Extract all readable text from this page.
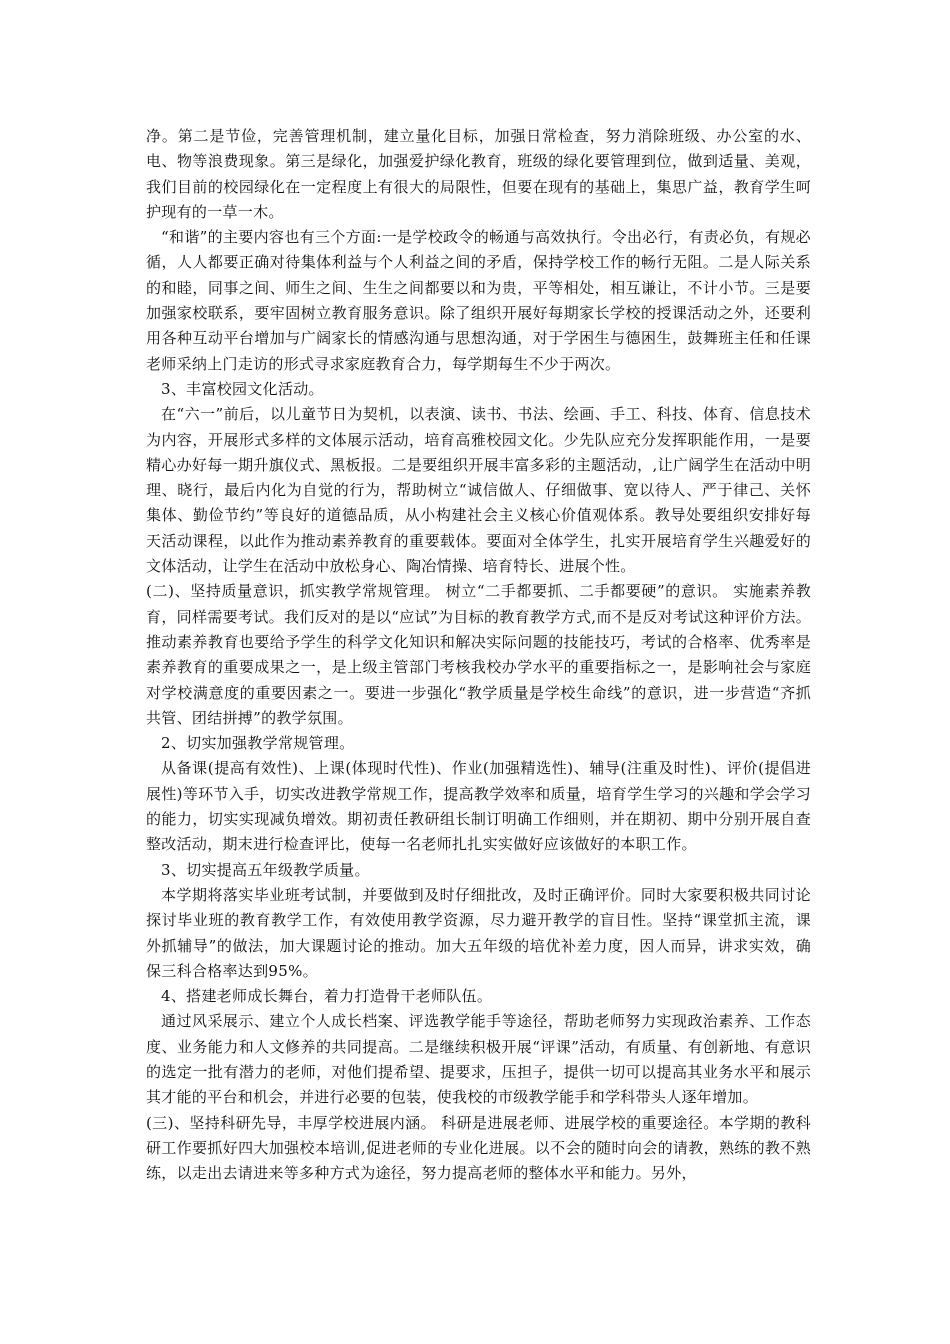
净。第二是节俭，完善管理机制，建立量化目标，加强日常检查，努力消除班级、办公室的水、电、物等浪费现象。第三是绿化，加强爱护绿化教育，班级的绿化要管理到位，做到适量、美观，我们目前的校园绿化在一定程度上有很大的局限性，但要在现有的基础上，集思广益，教育学生呵护现有的一草一木。

“和谐”的主要内容也有三个方面:一是学校政令的畅通与高效执行。令出必行，有责必负，有规必循，人人都要正确对待集体利益与个人利益之间的矛盾，保持学校工作的畅行无阻。二是人际关系的和睦，同事之间、师生之间、生生之间都要以和为贵，平等相处，相互谦让，不计小节。三是要加强家校联系，要牢固树立教育服务意识。除了组织开展好每期家长学校的授课活动之外，还要利用各种互动平台增加与广阔家长的情感沟通与思想沟通，对于学困生与德困生，鼓舞班主任和任课老师采纳上门走访的形式寻求家庭教育合力，每学期每生不少于两次。

3、丰富校园文化活动。

在“六一”前后，以儿童节日为契机，以表演、读书、书法、绘画、手工、科技、体育、信息技术为内容，开展形式多样的文体展示活动，培育高雅校园文化。少先队应充分发挥职能作用，一是要精心办好每一期升旗仪式、黑板报。二是要组织开展丰富多彩的主题活动，,让广阔学生在活动中明理、晓行，最后内化为自觉的行为，帮助树立“诚信做人、仔细做事、宽以待人、严于律己、关怀集体、勤俭节约”等良好的道德品质，从小构建社会主义核心价值观体系。教导处要组织安排好每天活动课程，以此作为推动素养教育的重要载体。要面对全体学生，扎实开展培育学生兴趣爱好的文体活动，让学生在活动中放松身心、陶冶情操、培育特长、进展个性。

(二)、坚持质量意识，抓实教学常规管理。 树立“二手都要抓、二手都要硬”的意识。 实施素养教育，同样需要考试。我们反对的是以“应试”为目标的教育教学方式,而不是反对考试这种评价方法。推动素养教育也要给予学生的科学文化知识和解决实际问题的技能技巧，考试的合格率、优秀率是素养教育的重要成果之一，是上级主管部门考核我校办学水平的重要指标之一，是影响社会与家庭对学校满意度的重要因素之一。要进一步强化“教学质量是学校生命线”的意识，进一步营造“齐抓共管、团结拼搏”的教学氛围。

2、切实加强教学常规管理。

从备课(提高有效性)、上课(体现时代性)、作业(加强精选性)、辅导(注重及时性)、评价(提倡进展性)等环节入手，切实改进教学常规工作，提高教学效率和质量，培育学生学习的兴趣和学会学习的能力，切实实现减负增效。期初责任教研组长制订明确工作细则，并在期初、期中分别开展自查整改活动，期末进行检查评比，使每一名老师扎扎实实做好应该做好的本职工作。

3、切实提高五年级教学质量。

本学期将落实毕业班考试制，并要做到及时仔细批改，及时正确评价。同时大家要积极共同讨论探讨毕业班的教育教学工作，有效使用教学资源，尽力避开教学的盲目性。坚持“课堂抓主流，课外抓辅导”的做法，加大课题讨论的推动。加大五年级的培优补差力度，因人而异，讲求实效，确保三科合格率达到95%。

4、搭建老师成长舞台，着力打造骨干老师队伍。

通过风采展示、建立个人成长档案、评选教学能手等途径，帮助老师努力实现政治素养、工作态度、业务能力和人文修养的共同提高。二是继续积极开展“评课”活动，有质量、有创新地、有意识的选定一批有潜力的老师，对他们提希望、提要求，压担子，提供一切可以提高其业务水平和展示其才能的平台和机会，并进行必要的包装，使我校的市级教学能手和学科带头人逐年增加。

(三)、坚持科研先导，丰厚学校进展内涵。 科研是进展老师、进展学校的重要途径。本学期的教科研工作要抓好四大加强校本培训,促进老师的专业化进展。以不会的随时向会的请教，熟练的教不熟练，以走出去请进来等多种方式为途径，努力提高老师的整体水平和能力。另外，
